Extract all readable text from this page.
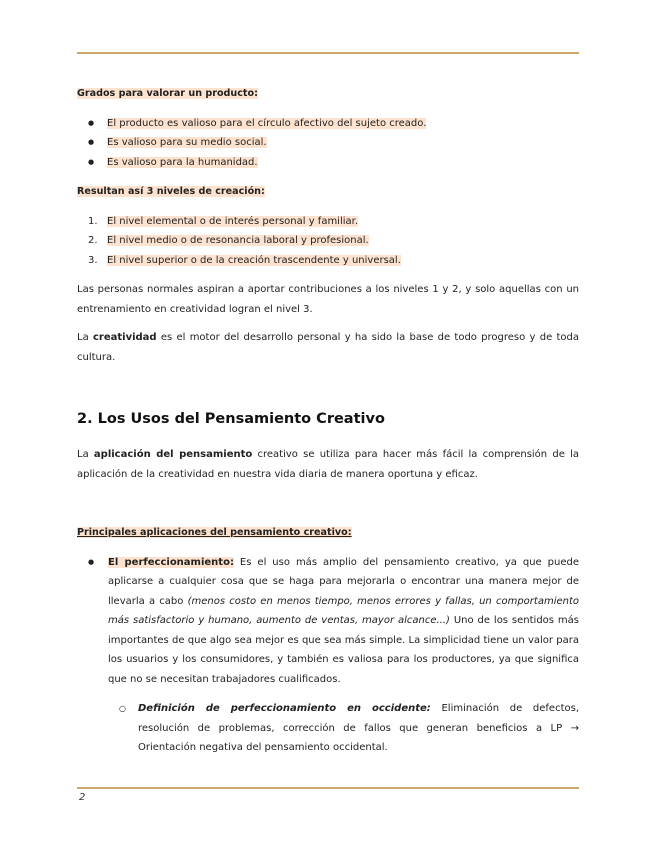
Grados para valorar un producto:

● El producto es valioso para el círculo afectivo del sujeto creado.
● Es valioso para su medio social.
● Es valioso para la humanidad.

Resultan así 3 niveles de creación:

1. El nivel elemental o de interés personal y familiar.
2. El nivel medio o de resonancia laboral y profesional.
3. El nivel superior o de la creación trascendente y universal.

Las personas normales aspiran a aportar contribuciones a los niveles 1 y 2, y solo aquellas con un entrenamiento en creatividad logran el nivel 3.

La creatividad es el motor del desarrollo personal y ha sido la base de todo progreso y de toda cultura.

2. Los Usos del Pensamiento Creativo

La aplicación del pensamiento creativo se utiliza para hacer más fácil la comprensión de la aplicación de la creatividad en nuestra vida diaria de manera oportuna y eficaz.

Principales aplicaciones del pensamiento creativo:

● El perfeccionamiento: Es el uso más amplio del pensamiento creativo, ya que puede aplicarse a cualquier cosa que se haga para mejorarla o encontrar una manera mejor de llevarla a cabo (menos costo en menos tiempo, menos errores y fallas, un comportamiento más satisfactorio y humano, aumento de ventas, mayor alcance...) Uno de los sentidos más importantes de que algo sea mejor es que sea más simple. La simplicidad tiene un valor para los usuarios y los consumidores, y también es valiosa para los productores, ya que significa que no se necesitan trabajadores cualificados.
○ Definición de perfeccionamiento en occidente: Eliminación de defectos, resolución de problemas, corrección de fallos que generan beneficios a LP → Orientación negativa del pensamiento occidental.
2
